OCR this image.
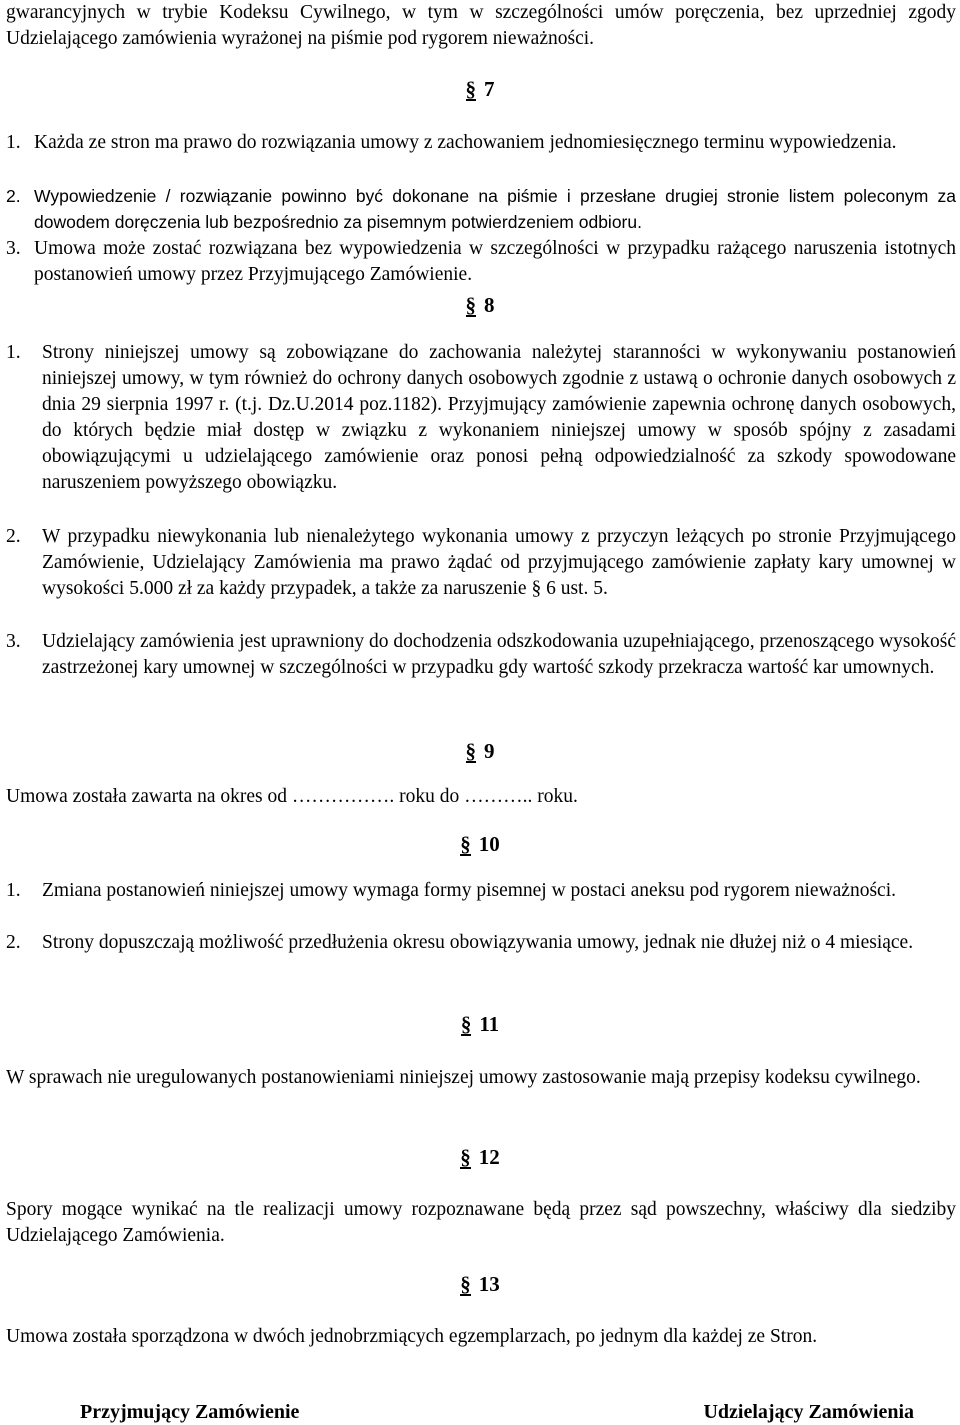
gwarancyjnych w trybie Kodeksu Cywilnego, w tym w szczególności umów poręczenia, bez uprzedniej zgody Udzielającego zamówienia wyrażonej na piśmie pod rygorem nieważności.
§ 7
1. Każda ze stron ma prawo do rozwiązania umowy z zachowaniem jednomiesięcznego terminu wypowiedzenia.
2. Wypowiedzenie / rozwiązanie powinno być dokonane na piśmie i przesłane drugiej stronie listem poleconym za dowodem doręczenia lub bezpośrednio za pisemnym potwierdzeniem odbioru.
3. Umowa może zostać rozwiązana bez wypowiedzenia w szczególności w przypadku rażącego naruszenia istotnych postanowień umowy przez Przyjmującego Zamówienie.
§ 8
1.	Strony niniejszej umowy są zobowiązane do zachowania należytej staranności w wykonywaniu postanowień niniejszej umowy, w tym również do ochrony danych osobowych zgodnie z ustawą o ochronie danych osobowych z dnia 29 sierpnia 1997 r. (t.j. Dz.U.2014 poz.1182). Przyjmujący zamówienie zapewnia ochronę danych osobowych, do których będzie miał dostęp w związku z wykonaniem niniejszej umowy w sposób spójny z zasadami obowiązującymi u udzielającego zamówienie oraz ponosi pełną odpowiedzialność za szkody spowodowane naruszeniem powyższego obowiązku.
2.	W przypadku niewykonania lub nienależytego wykonania umowy z przyczyn leżących po stronie Przyjmującego Zamówienie, Udzielający Zamówienia ma prawo żądać od przyjmującego zamówienie zapłaty kary umownej w wysokości 5.000 zł za każdy przypadek, a także za naruszenie § 6 ust. 5.
3.	Udzielający zamówienia jest uprawniony do dochodzenia odszkodowania uzupełniającego, przenoszącego wysokość zastrzeżonej kary umownej w szczególności w przypadku gdy wartość szkody przekracza wartość kar umownych.
§ 9
Umowa została zawarta na okres od ……………. roku do ……….. roku.
§ 10
1.	Zmiana postanowień niniejszej umowy wymaga formy pisemnej w postaci aneksu pod rygorem nieważności.
2.	Strony dopuszczają możliwość przedłużenia okresu obowiązywania umowy, jednak nie dłużej niż o 4 miesiące.
§ 11
W sprawach nie uregulowanych postanowieniami niniejszej umowy zastosowanie mają przepisy kodeksu cywilnego.
§ 12
Spory mogące wynikać na tle realizacji umowy rozpoznawane będą przez sąd powszechny, właściwy dla siedziby Udzielającego Zamówienia.
§ 13
Umowa została sporządzona w dwóch jednobrzmiących egzemplarzach, po jednym dla każdej ze Stron.
Przyjmujący Zamówienie	Udzielający Zamówienia
